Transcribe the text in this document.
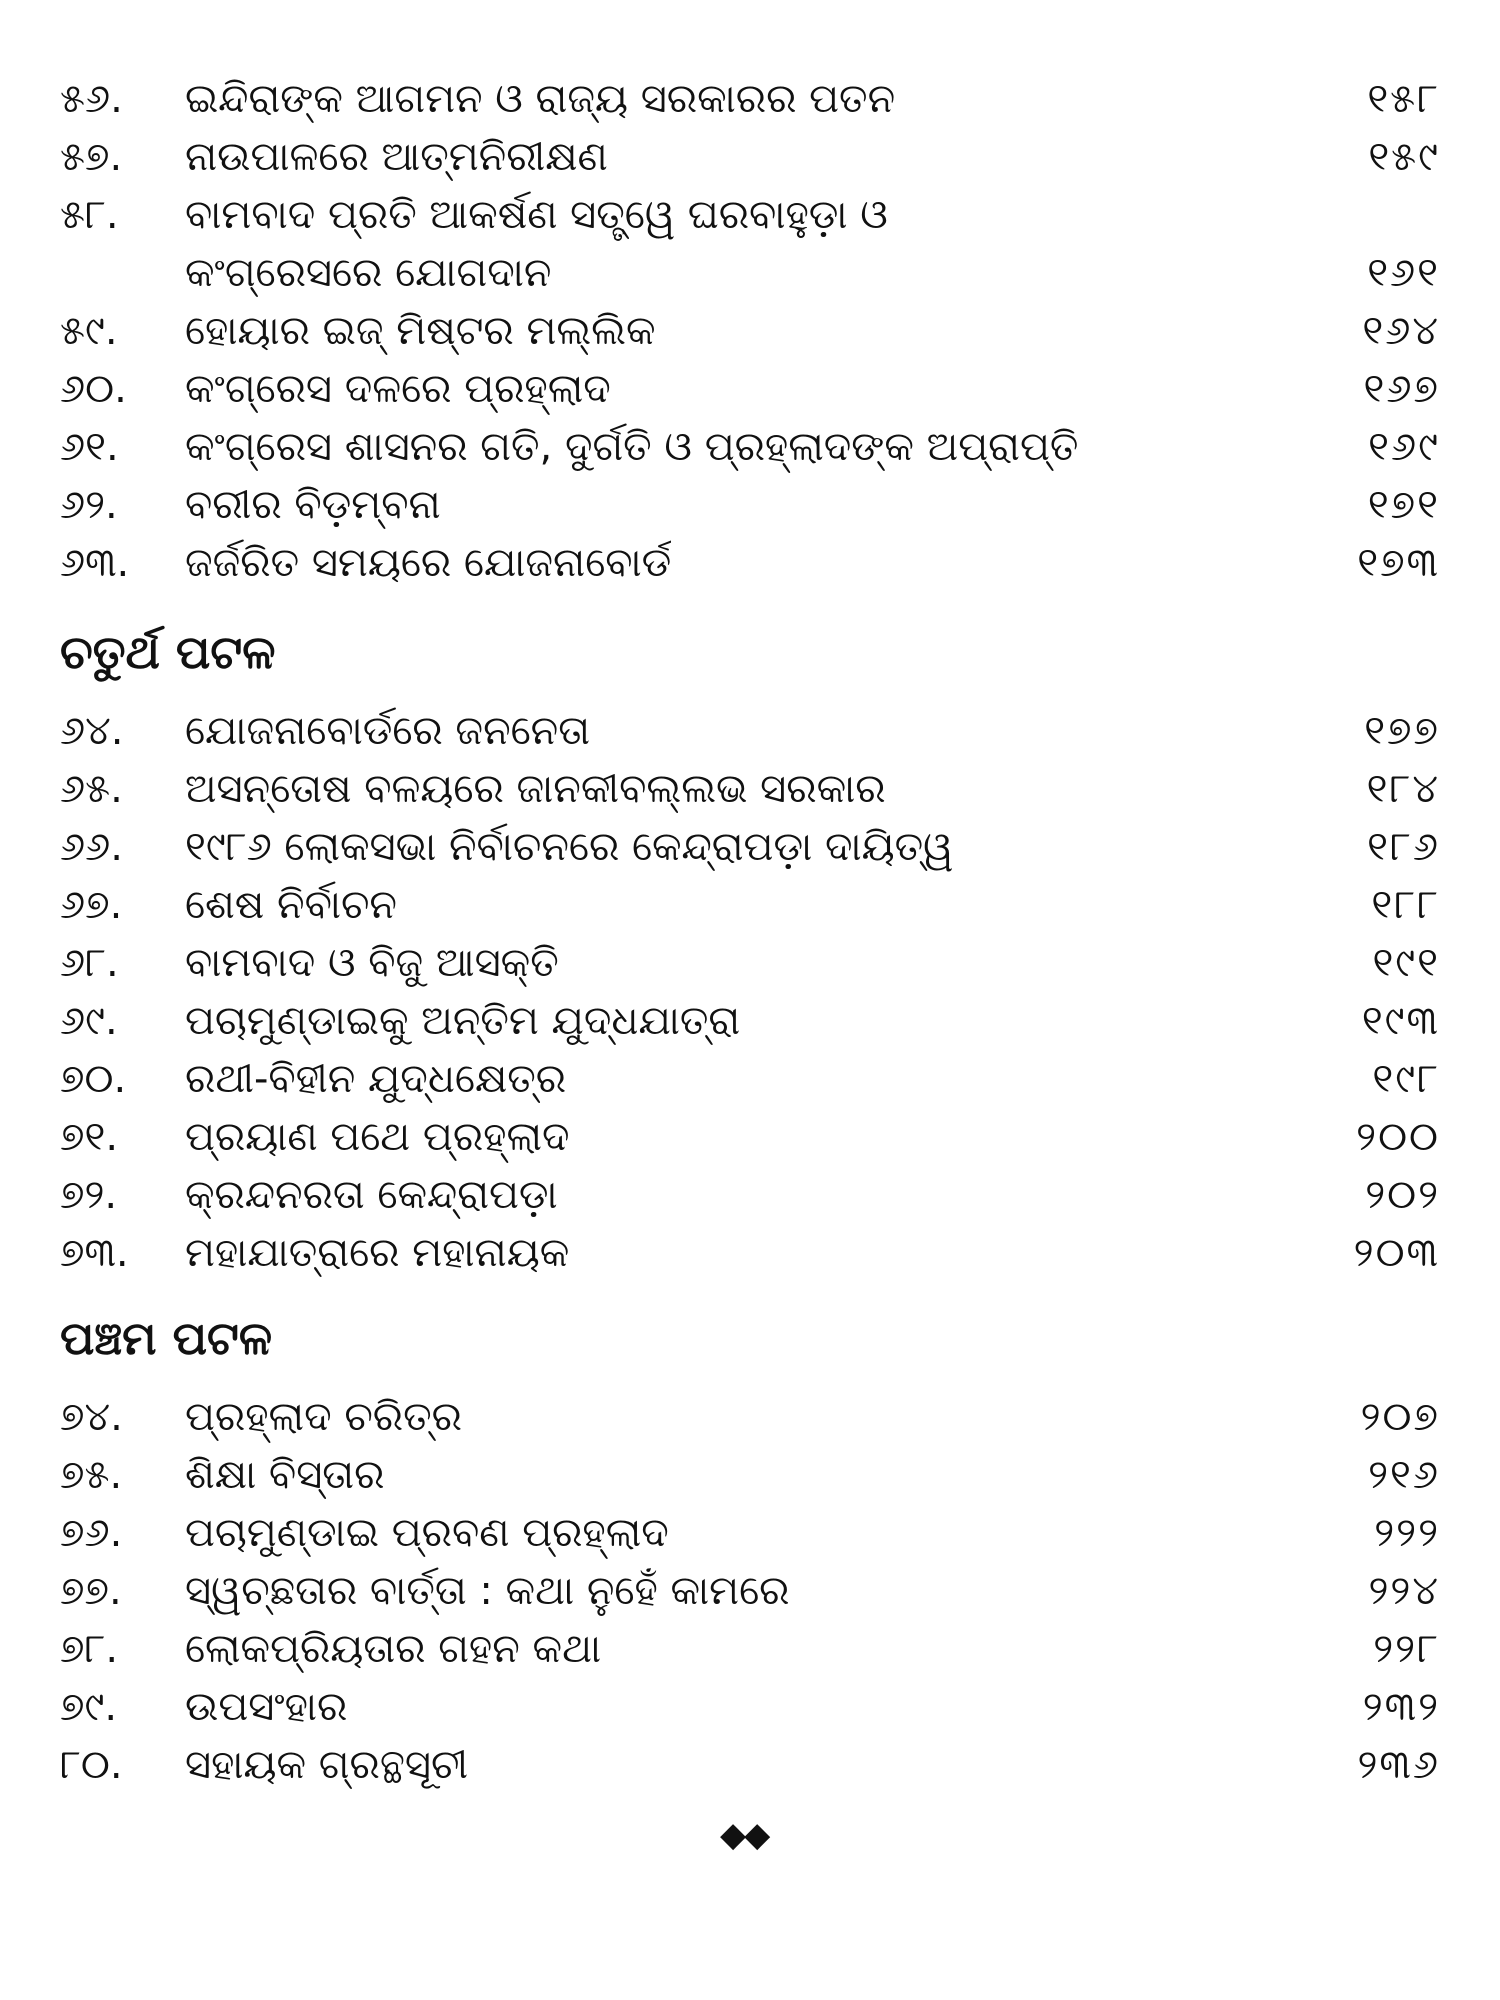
୫୬.	ଇନ୍ଦିରାଙ୍କ ଆଗମନ ଓ ରାଜ୍ୟ ସରକାରର ପତନ	୧୫୮
୫୭.	ନାଉପାଳରେ ଆତ୍ମନିରୀକ୍ଷଣ	୧୫୯
୫୮.	ବାମବାଦ ପ୍ରତି ଆକର୍ଷଣ ସତ୍ତ୍ୱେ ଘରବାହୁଡ଼ା ଓ
କଂଗ୍ରେସରେ ଯୋଗଦାନ	୧୬୧
୫୯.	ହୋୟାର ଇଜ୍ ମିଷ୍ଟର ମଲ୍ଲିକ	୧୬୪
୬୦.	କଂଗ୍ରେସ ଦଳରେ ପ୍ରହ୍ଲାଦ	୧୬୭
୬୧.	କଂଗ୍ରେସ ଶାସନର ଗତି, ଦୁର୍ଗତି ଓ ପ୍ରହ୍ଲାଦଙ୍କ ଅପ୍ରାପ୍ତି	୧୬୯
୬୨.	ବରୀର ବିଡ଼ମ୍ବନା	୧୭୧
୬୩.	ଜର୍ଜରିତ ସମୟରେ ଯୋଜନାବୋର୍ଡ	୧୭୩
ଚତୁର୍ଥ ପଟଳ
୬୪.	ଯୋଜନାବୋର୍ଡରେ ଜନନେତା	୧୭୭
୬୫.	ଅସନ୍ତୋଷ ବଳୟରେ ଜାନକୀବଲ୍ଲଭ ସରକାର	୧୮୪
୬୬.	୧୯୮୬ ଲୋକସଭା ନିର୍ବାଚନରେ କେନ୍ଦ୍ରାପଡ଼ା ଦାୟିତ୍ୱ	୧୮୬
୬୭.	ଶେଷ ନିର୍ବାଚନ	୧୮୮
୬୮.	ବାମବାଦ ଓ ବିଜୁ ଆସକ୍ତି	୧୯୧
୬୯.	ପଚାମୁଣ୍ଡାଇକୁ ଅନ୍ତିମ ଯୁଦ୍ଧଯାତ୍ରା	୧୯୩
୭୦.	ରଥୀ-ବିହୀନ ଯୁଦ୍ଧକ୍ଷେତ୍ର	୧୯୮
୭୧.	ପ୍ରୟାଣ ପଥେ ପ୍ରହ୍ଲାଦ	୨୦୦
୭୨.	କ୍ରନ୍ଦନରତା କେନ୍ଦ୍ରାପଡ଼ା	୨୦୨
୭୩.	ମହାଯାତ୍ରାରେ ମହାନାୟକ	୨୦୩
ପଞ୍ଚମ ପଟଳ
୭୪.	ପ୍ରହ୍ଲାଦ ଚରିତ୍ର	୨୦୭
୭୫.	ଶିକ୍ଷା ବିସ୍ତାର	୨୧୬
୭୬.	ପଚାମୁଣ୍ଡାଇ ପ୍ରବଣ ପ୍ରହ୍ଲାଦ	୨୨୨
୭୭.	ସ୍ୱଚ୍ଛତାର ବାର୍ତ୍ତା : କଥା ନୁହେଁ କାମରେ	୨୨୪
୭୮.	ଲୋକପ୍ରିୟତାର ଗହନ କଥା	୨୨୮
୭୯.	ଉପସଂହାର	୨୩୨
୮୦.	ସହାୟକ ଗ୍ରନ୍ଥସୂଚୀ	୨୩୬
◆◆
